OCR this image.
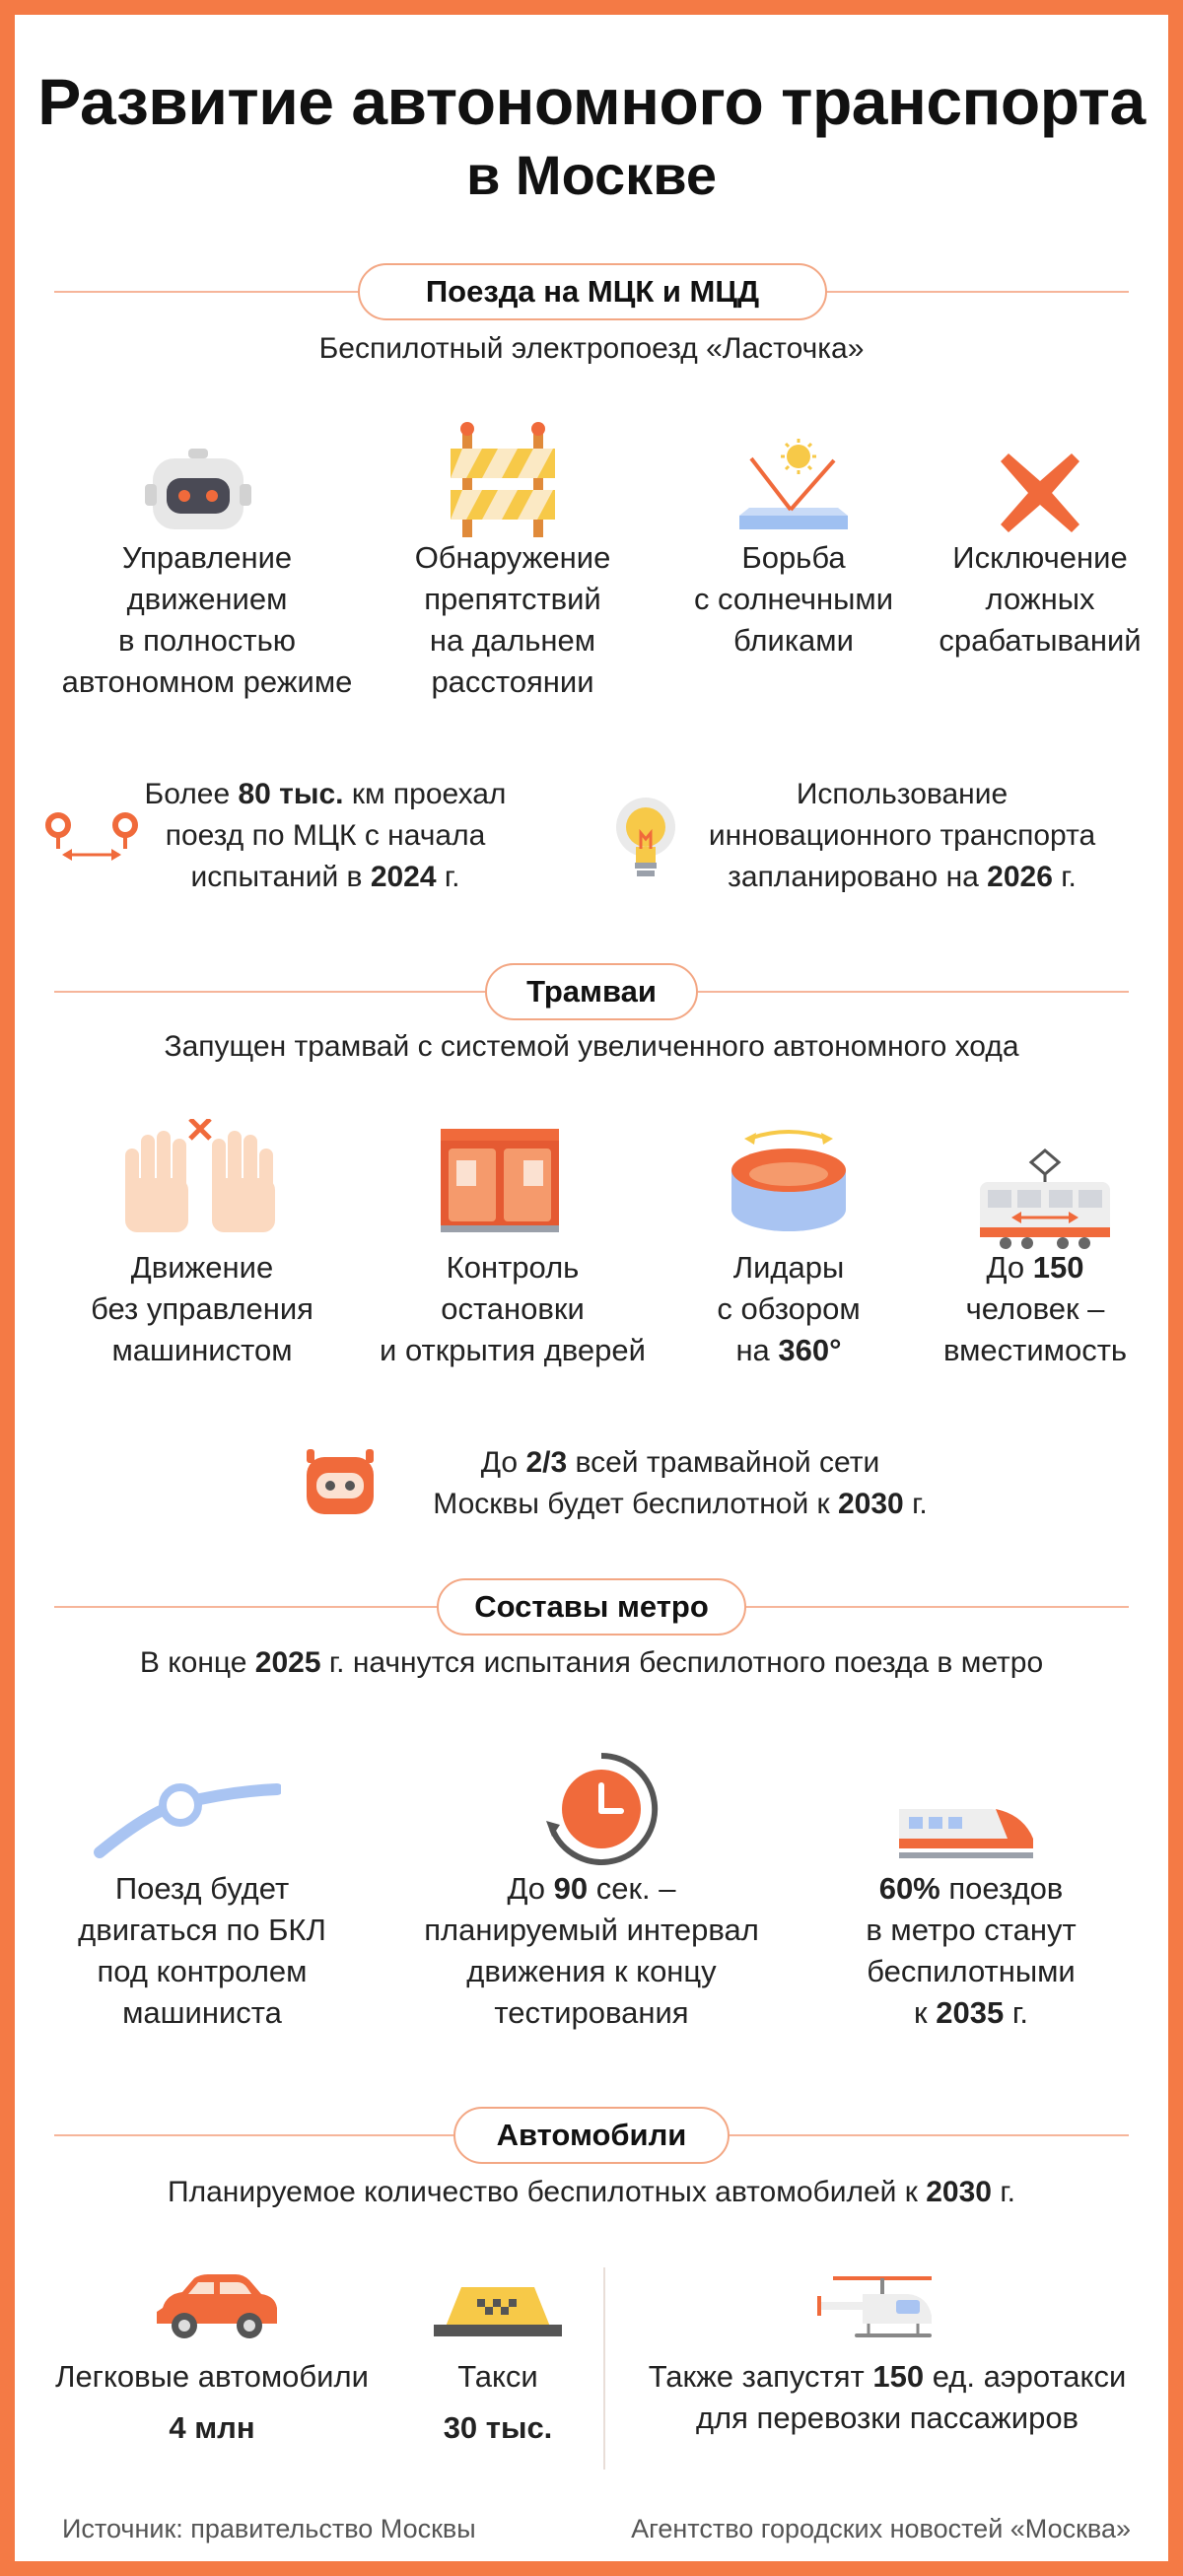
Развитие автономного транспорта
в Москве
Поезда на МЦК и МЦД
Беспилотный электропоезд «Ласточка»
Управление
движением
в полностью
автономном режиме
Обнаружение
препятствий
на дальнем
расстоянии
Борьба
с солнечными
бликами
Исключение
ложных
срабатываний
Более 80 тыс. км проехал
поезд по МЦК с начала
испытаний в 2024 г.
Использование
инновационного транспорта
запланировано на 2026 г.
Трамваи
Запущен трамвай с системой увеличенного автономного хода
Движение
без управления
машинистом
Контроль
остановки
и открытия дверей
Лидары
с обзором
на 360°
До 150
человек –
вместимость
До 2/3 всей трамвайной сети
Москвы будет беспилотной к 2030 г.
Составы метро
В конце 2025 г. начнутся испытания беспилотного поезда в метро
Поезд будет
двигаться по БКЛ
под контролем
машиниста
До 90 сек. –
планируемый интервал
движения к концу
тестирования
60% поездов
в метро станут
беспилотными
к 2035 г.
Автомобили
Планируемое количество беспилотных автомобилей к 2030 г.
Легковые автомобили
4 млн
Такси
30 тыс.
Также запустят 150 ед. аэротакси
для перевозки пассажиров
Источник: правительство Москвы	Агентство городских новостей «Москва»
